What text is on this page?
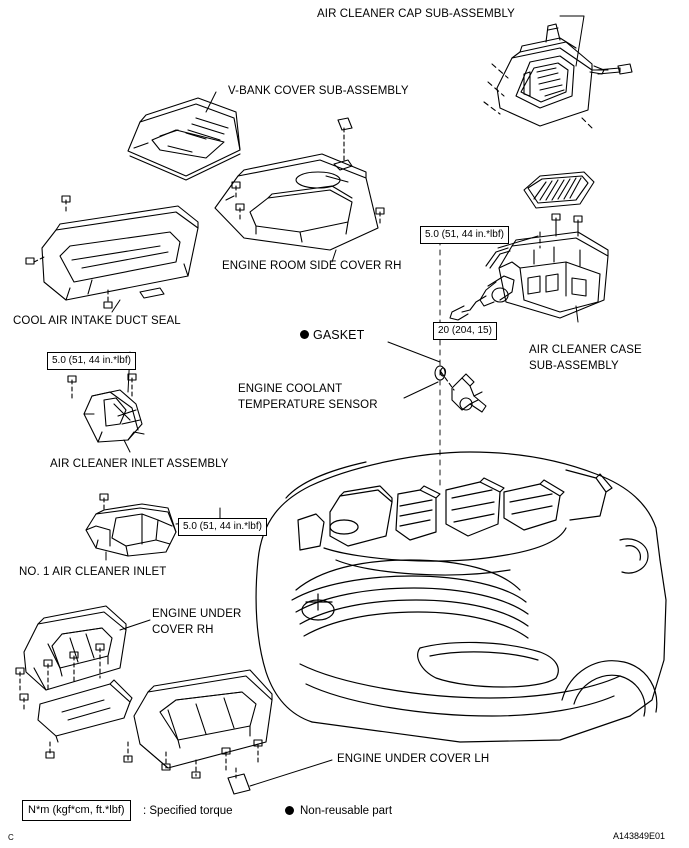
AIR CLEANER CAP SUB-ASSEMBLY
V-BANK COVER SUB-ASSEMBLY
ENGINE ROOM SIDE COVER RH
COOL AIR INTAKE DUCT SEAL
AIR CLEANER CASE
SUB-ASSEMBLY
GASKET
ENGINE COOLANT
TEMPERATURE SENSOR
AIR CLEANER INLET ASSEMBLY
NO. 1 AIR CLEANER INLET
ENGINE UNDER
COVER RH
ENGINE UNDER COVER LH
5.0 (51, 44 in.*lbf)
20 (204, 15)
5.0 (51, 44 in.*lbf)
5.0 (51, 44 in.*lbf)
N*m (kgf*cm, ft.*lbf)	: Specified torque	Non-reusable part
C	A143849E01
